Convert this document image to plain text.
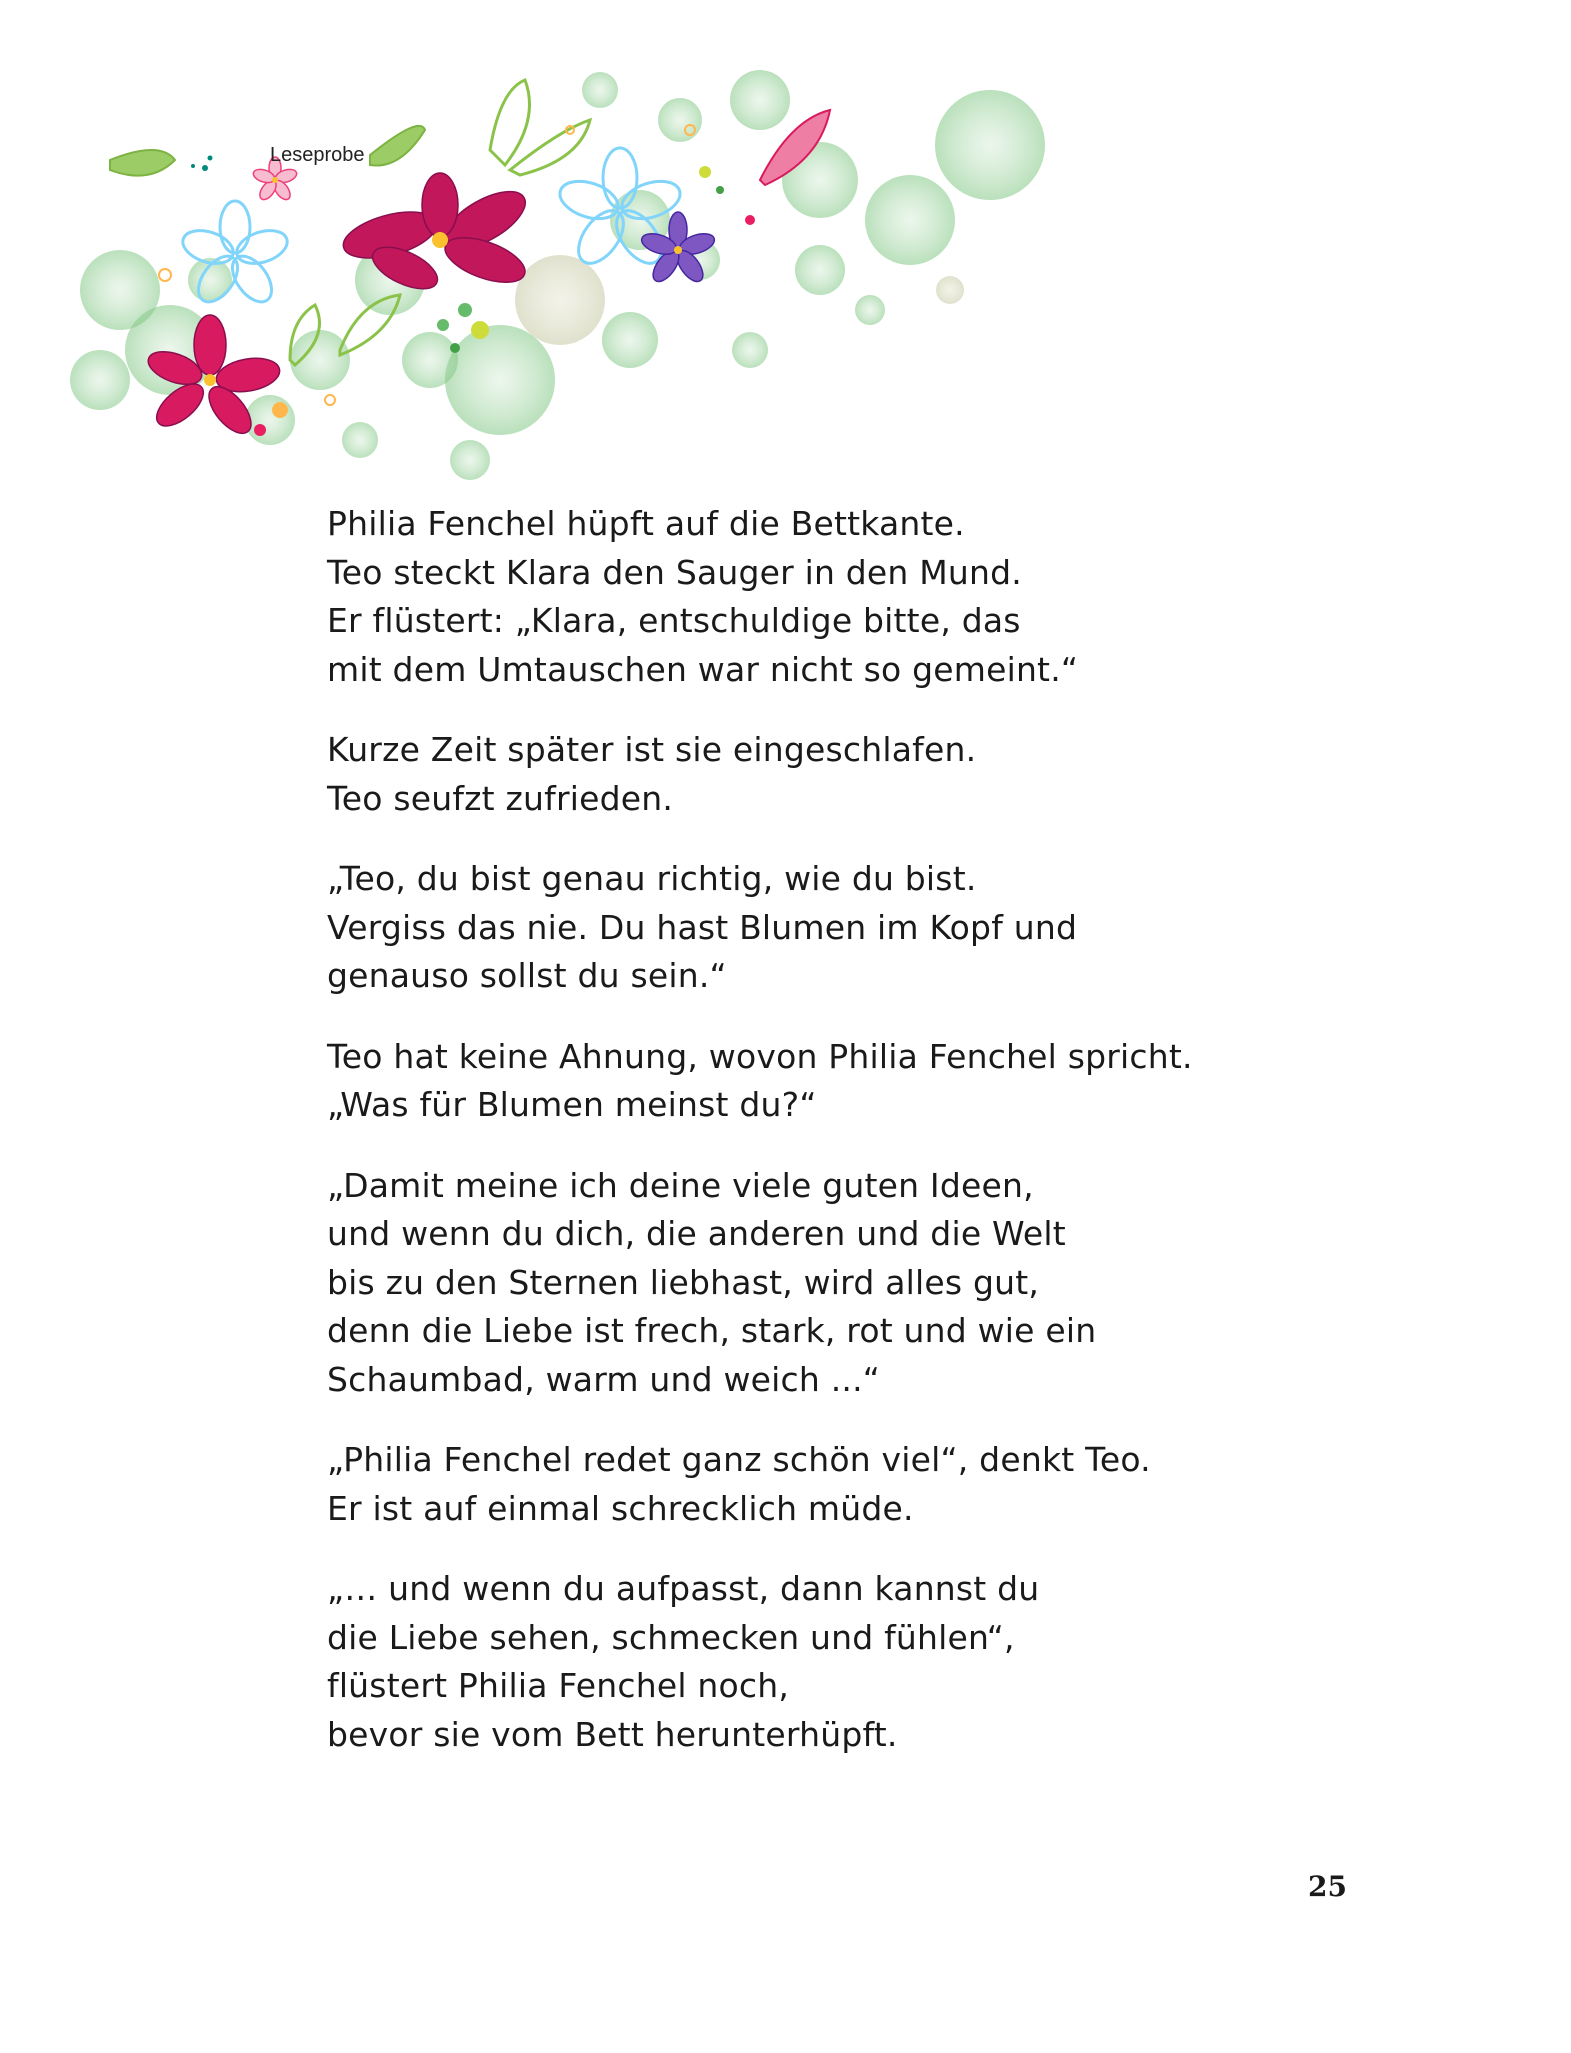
Leseprobe
Philia Fenchel hüpft auf die Bettkante.
Teo steckt Klara den Sauger in den Mund.
Er flüstert: „Klara, entschuldige bitte, das
mit dem Umtauschen war nicht so gemeint.“
Kurze Zeit später ist sie eingeschlafen.
Teo seufzt zufrieden.
„Teo, du bist genau richtig, wie du bist.
Vergiss das nie. Du hast Blumen im Kopf und
genauso sollst du sein.“
Teo hat keine Ahnung, wovon Philia Fenchel spricht.
„Was für Blumen meinst du?“
„Damit meine ich deine viele guten Ideen,
und wenn du dich, die anderen und die Welt
bis zu den Sternen liebhast, wird alles gut,
denn die Liebe ist frech, stark, rot und wie ein
Schaumbad, warm und weich ...“
„Philia Fenchel redet ganz schön viel“, denkt Teo.
Er ist auf einmal schrecklich müde.
„… und wenn du aufpasst, dann kannst du
die Liebe sehen, schmecken und fühlen“,
flüstert Philia Fenchel noch,
bevor sie vom Bett herunterhüpft.
25
